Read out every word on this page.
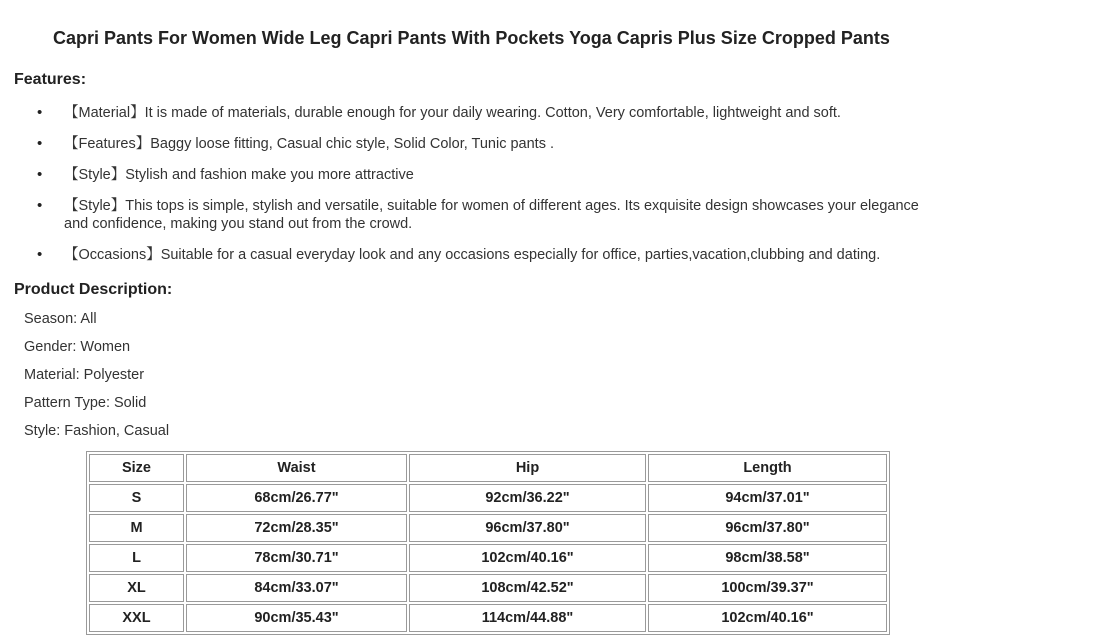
Capri Pants For Women Wide Leg Capri Pants With Pockets Yoga Capris Plus Size Cropped Pants
Features:
• 【Material】It is made of materials, durable enough for your daily wearing. Cotton, Very comfortable, lightweight and soft.
• 【Features】Baggy loose fitting, Casual chic style, Solid Color, Tunic pants .
• 【Style】Stylish and fashion make you more attractive
• 【Style】This tops is simple, stylish and versatile, suitable for women of different ages. Its exquisite design showcases your elegance and confidence, making you stand out from the crowd.
• 【Occasions】Suitable for a casual everyday look and any occasions especially for office, parties,vacation,clubbing and dating.
Product Description:
Season: All
Gender: Women
Material: Polyester
Pattern Type: Solid
Style: Fashion, Casual
Size	Waist	Hip	Length
S	68cm/26.77"	92cm/36.22"	94cm/37.01"
M	72cm/28.35"	96cm/37.80"	96cm/37.80"
L	78cm/30.71"	102cm/40.16"	98cm/38.58"
XL	84cm/33.07"	108cm/42.52"	100cm/39.37"
XXL	90cm/35.43"	114cm/44.88"	102cm/40.16"
